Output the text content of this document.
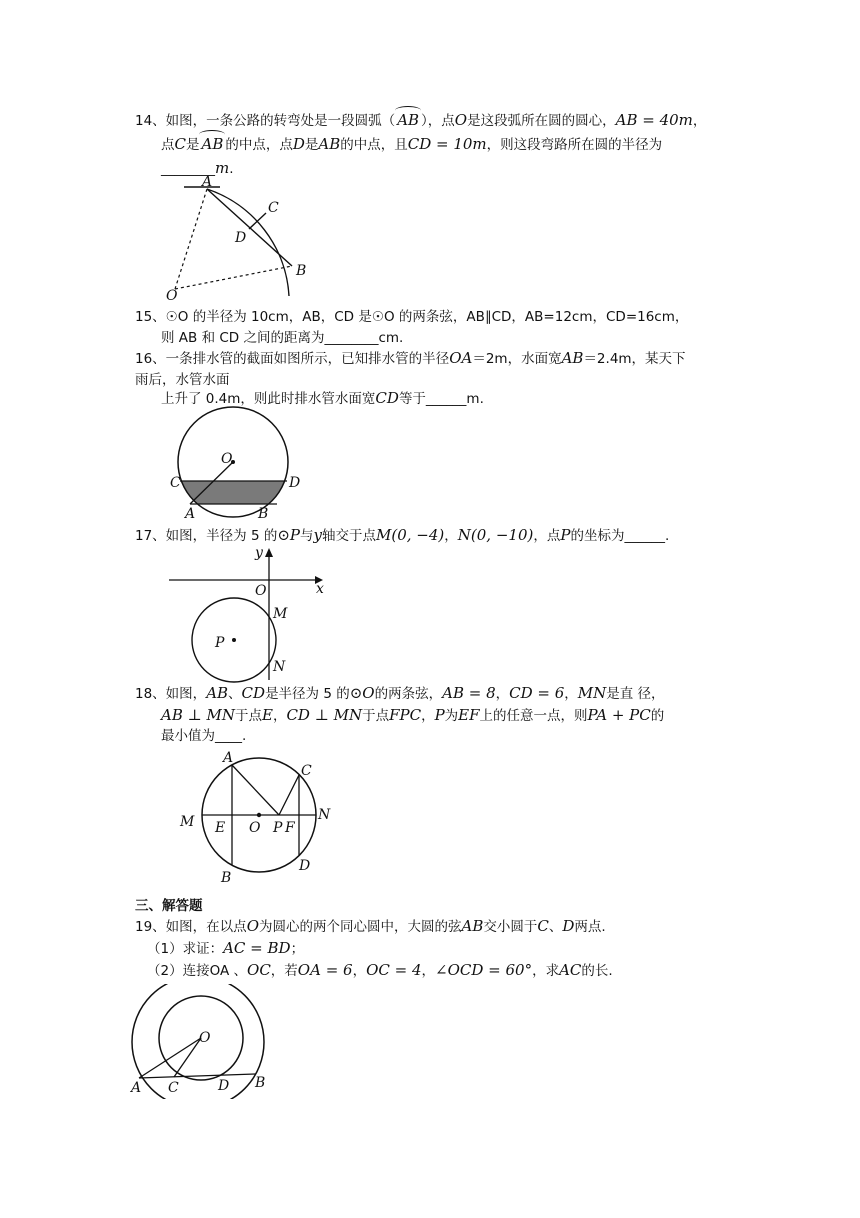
14、如图，一条公路的转弯处是一段圆弧（ AB ），点O是这段弧所在圆的圆心，AB = 40m，
点C是 AB 的中点，点D是AB的中点，且CD = 10m，则这段弯路所在圆的半径为
________m.
A
C
D
B
O
15、☉O 的半径为 10cm，AB，CD 是☉O 的两条弦，AB∥CD，AB=12cm，CD=16cm，
则 AB 和 CD 之间的距离为________cm.
16、一条排水管的截面如图所示，已知排水管的半径OA＝2m，水面宽AB＝2.4m，某天下
雨后，水管水面
上升了 0.4m，则此时排水管水面宽CD等于______m.
O
C	D
A	B
17、如图，半径为 5 的⊙P与y轴交于点M(0, −4)，N(0, −10)，点P的坐标为______.
y
x
O
M
P
N
18、如图，AB、CD是半径为 5 的⊙O的两条弦，AB = 8，CD = 6，MN是直 径，
AB ⊥ MN于点E，CD ⊥ MN于点FPC，P为EF上的任意一点，则PA + PC的
最小值为____.
A
C
M	N
E O P F
B
D
三、解答题
19、如图，在以点O为圆心的两个同心圆中，大圆的弦AB交小圆于C、D两点.
（1）求证：AC = BD；
（2）连接OA 、OC，若OA = 6，OC = 4，∠OCD = 60°，求AC的长.
O
A C	D B
